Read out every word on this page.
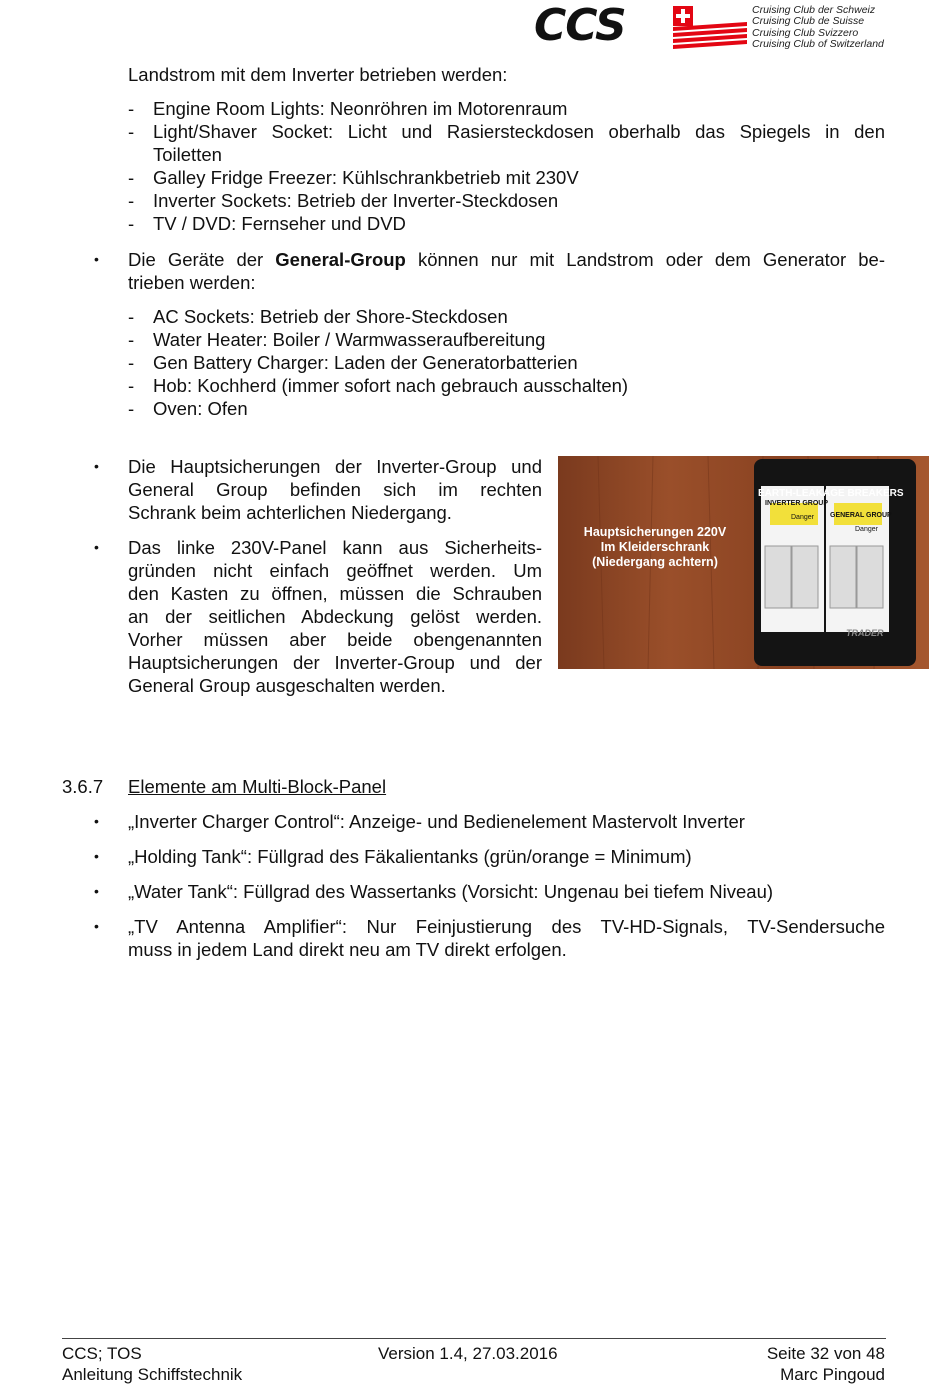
CCS	Cruising Club der Schweiz
Cruising Club de Suisse
Cruising Club Svizzero
Cruising Club of Switzerland
Landstrom mit dem Inverter betrieben werden:
- Engine Room Lights: Neonröhren im Motorenraum
- Light/Shaver Socket: Licht und Rasiersteckdosen oberhalb das Spiegels in den
Toiletten
- Galley Fridge Freezer: Kühlschrankbetrieb mit 230V
- Inverter Sockets: Betrieb der Inverter-Steckdosen
- TV / DVD: Fernseher und DVD
• Die Geräte der General-Group können nur mit Landstrom oder dem Generator be-
trieben werden:
- AC Sockets: Betrieb der Shore-Steckdosen
- Water Heater: Boiler / Warmwasseraufbereitung
- Gen Battery Charger: Laden der Generatorbatterien
- Hob: Kochherd (immer sofort nach gebrauch ausschalten)
- Oven: Ofen
• Die Hauptsicherungen der Inverter-Group und
General Group befinden sich im rechten
Schrank beim achterlichen Niedergang.
• Das linke 230V-Panel kann aus Sicherheits-
gründen nicht einfach geöffnet werden. Um
den Kasten zu öffnen, müssen die Schrauben
an der seitlichen Abdeckung gelöst werden.
Vorher müssen aber beide obengenannten
Hauptsicherungen der Inverter-Group und der
General Group ausgeschalten werden.
EARTH-LEAKAGE BREAKERS
INVERTER GROUP
GENERAL GROUP
Danger
Danger
TRADER
Hauptsicherungen 220V
Im Kleiderschrank
(Niedergang achtern)
3.6.7 Elemente am Multi-Block-Panel
• „Inverter Charger Control“: Anzeige- und Bedienelement Mastervolt Inverter
• „Holding Tank“: Füllgrad des Fäkalientanks (grün/orange = Minimum)
• „Water Tank“: Füllgrad des Wassertanks (Vorsicht: Ungenau bei tiefem Niveau)
• „TV Antenna Amplifier“: Nur Feinjustierung des TV-HD-Signals, TV-Sendersuche
muss in jedem Land direkt neu am TV direkt erfolgen.
CCS; TOS
Anleitung Schiffstechnik
Version 1.4, 27.03.2016	Seite 32 von 48
Marc Pingoud
